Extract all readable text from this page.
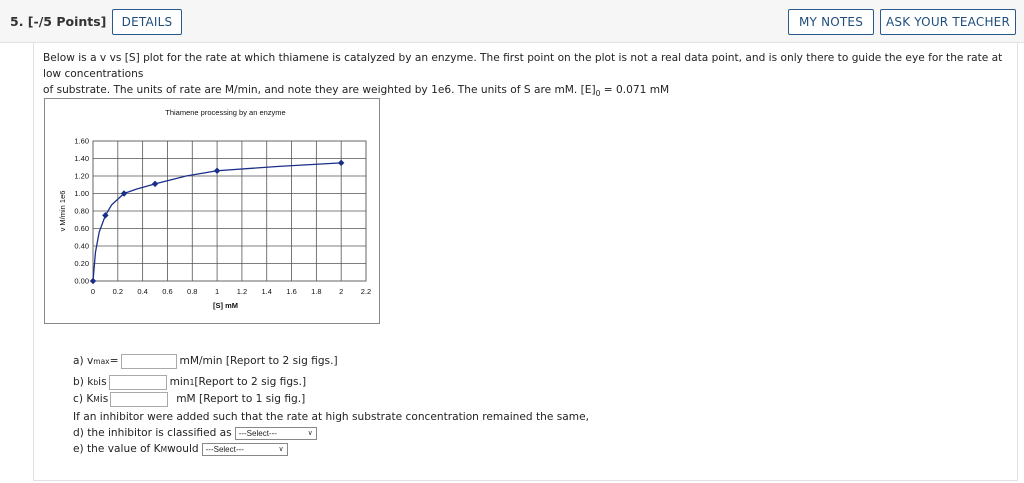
5. [-/5 Points]	DETAILS	MY NOTES	ASK YOUR TEACHER
Below is a v vs [S] plot for the rate at which thiamene is catalyzed by an enzyme. The first point on the plot is not a real data point, and is only there to guide the eye for the rate at low concentrations
of substrate. The units of rate are M/min, and note they are weighted by 1e6. The units of S are mM. $[E]_0 = 0.071$ mM
Thiamene processing by an enzyme
0.00
0.20
0.40
0.60
0.80
1.00
1.20
1.40
1.60
0 0.2 0.4 0.6 0.8 1 1.2 1.4 1.6 1.8 2 2.2
[S] mM
v M/min 1e6
a) v max =	mM/min [Report to 2 sig figs.]
b) k b is	min 1 [Report to 2 sig figs.]
c) K M is	mM [Report to 1 sig fig.]
If an inhibitor were added such that the rate at high substrate concentration remained the same,
d) the inhibitor is classified as ---Select---	∨
e) the value of K M would ---Select---	∨
